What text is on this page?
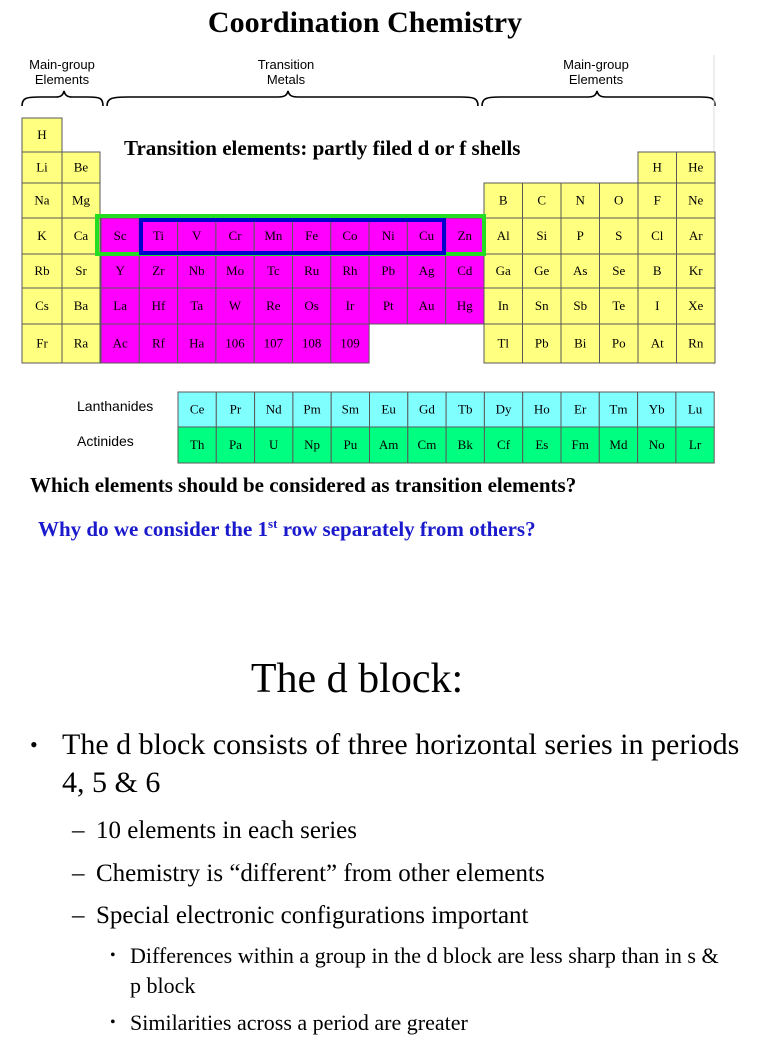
Coordination Chemistry
Main-group
Elements
Transition
Metals
Main-group
Elements
H
Li Be	H He
Na Mg	B C N O F Ne
K Ca Sc Ti V Cr Mn Fe Co Ni Cu Zn Al Si P S Cl Ar
Rb Sr Y Zr Nb Mo Tc Ru Rh Pb Ag Cd Ga Ge As Se B Kr
Cs Ba La Hf Ta W Re Os Ir Pt Au Hg In Sn Sb Te I Xe
Fr Ra Ac Rf Ha 106 107 108 109	Tl Pb Bi Po At Rn
Ce Pr Nd Pm Sm Eu Gd Tb Dy Ho Er Tm Yb Lu
Th Pa U Np Pu Am Cm Bk Cf Es Fm Md No Lr
Lanthanides
Actinides
Transition elements: partly filed d or f shells
Which elements should be considered as transition elements?
Why do we consider the 1st row separately from others?
The d block:
• The d block consists of three horizontal series in periods 4, 5 & 6
– 10 elements in each series
– Chemistry is “different” from other elements
– Special electronic configurations important
• Differences within a group in the d block are less sharp than in s & p block
• Similarities across a period are greater
